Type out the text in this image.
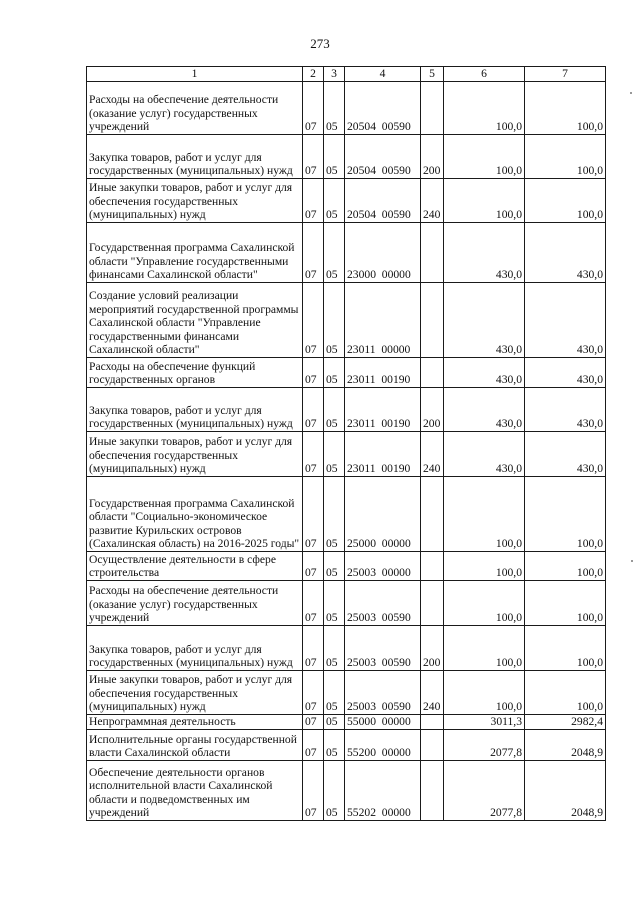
273
1	2	3	4	5	6	7
Расходы на обеспечение деятельности (оказание услуг) государственных учреждений	07	05	20504  00590		100,0	100,0
Закупка товаров, работ и услуг для государственных (муниципальных) нужд	07	05	20504  00590	200	100,0	100,0
Иные закупки товаров, работ и услуг для обеспечения государственных (муниципальных) нужд	07	05	20504  00590	240	100,0	100,0
Государственная программа Сахалинской области "Управление государственными финансами Сахалинской области"	07	05	23000  00000		430,0	430,0
Создание условий реализации мероприятий государственной программы Сахалинской области "Управление государственными финансами Сахалинской области"	07	05	23011  00000		430,0	430,0
Расходы на обеспечение функций государственных органов	07	05	23011  00190		430,0	430,0
Закупка товаров, работ и услуг для государственных (муниципальных) нужд	07	05	23011  00190	200	430,0	430,0
Иные закупки товаров, работ и услуг для обеспечения государственных (муниципальных) нужд	07	05	23011  00190	240	430,0	430,0
Государственная программа Сахалинской области "Социально-экономическое развитие Курильских островов (Сахалинская область) на 2016-2025 годы"	07	05	25000  00000		100,0	100,0
Осуществление деятельности в сфере строительства	07	05	25003  00000		100,0	100,0
Расходы на обеспечение деятельности (оказание услуг) государственных учреждений	07	05	25003  00590		100,0	100,0
Закупка товаров, работ и услуг для государственных (муниципальных) нужд	07	05	25003  00590	200	100,0	100,0
Иные закупки товаров, работ и услуг для обеспечения государственных (муниципальных) нужд	07	05	25003  00590	240	100,0	100,0
Непрограммная деятельность	07	05	55000  00000		3011,3	2982,4
Исполнительные органы государственной власти Сахалинской области	07	05	55200  00000		2077,8	2048,9
Обеспечение деятельности органов исполнительной власти Сахалинской области и подведомственных им учреждений	07	05	55202  00000		2077,8	2048,9
